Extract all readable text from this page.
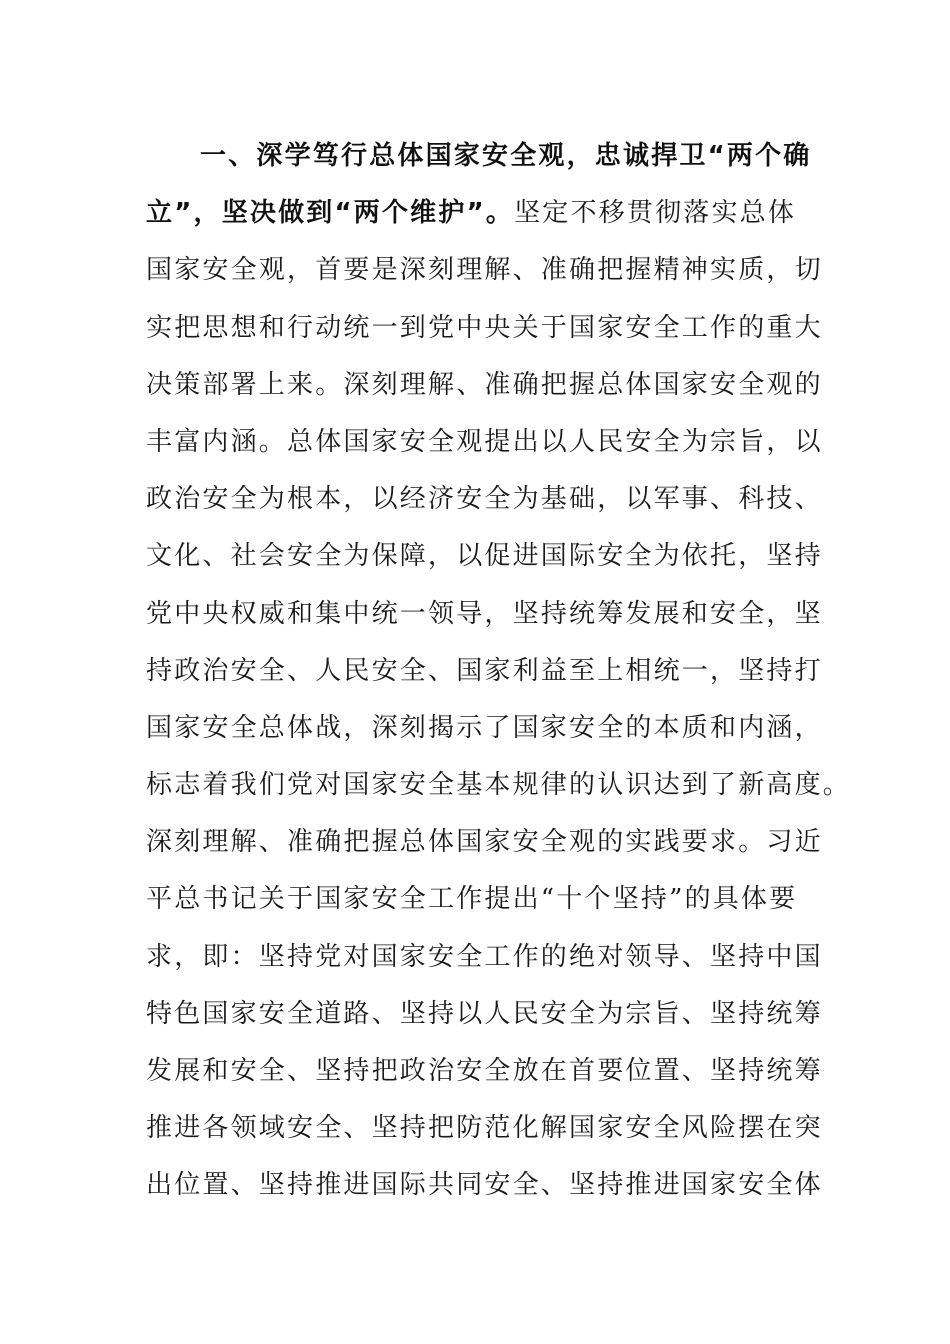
一、深学笃行总体国家安全观，忠诚捍卫“两个确
立”，坚决做到“两个维护”。坚定不移贯彻落实总体
国家安全观，首要是深刻理解、准确把握精神实质，切
实把思想和行动统一到党中央关于国家安全工作的重大
决策部署上来。深刻理解、准确把握总体国家安全观的
丰富内涵。总体国家安全观提出以人民安全为宗旨，以
政治安全为根本，以经济安全为基础，以军事、科技、
文化、社会安全为保障，以促进国际安全为依托，坚持
党中央权威和集中统一领导，坚持统筹发展和安全，坚
持政治安全、人民安全、国家利益至上相统一，坚持打
国家安全总体战，深刻揭示了国家安全的本质和内涵，
标志着我们党对国家安全基本规律的认识达到了新高度。
深刻理解、准确把握总体国家安全观的实践要求。习近
平总书记关于国家安全工作提出“十个坚持”的具体要
求，即：坚持党对国家安全工作的绝对领导、坚持中国
特色国家安全道路、坚持以人民安全为宗旨、坚持统筹
发展和安全、坚持把政治安全放在首要位置、坚持统筹
推进各领域安全、坚持把防范化解国家安全风险摆在突
出位置、坚持推进国际共同安全、坚持推进国家安全体
